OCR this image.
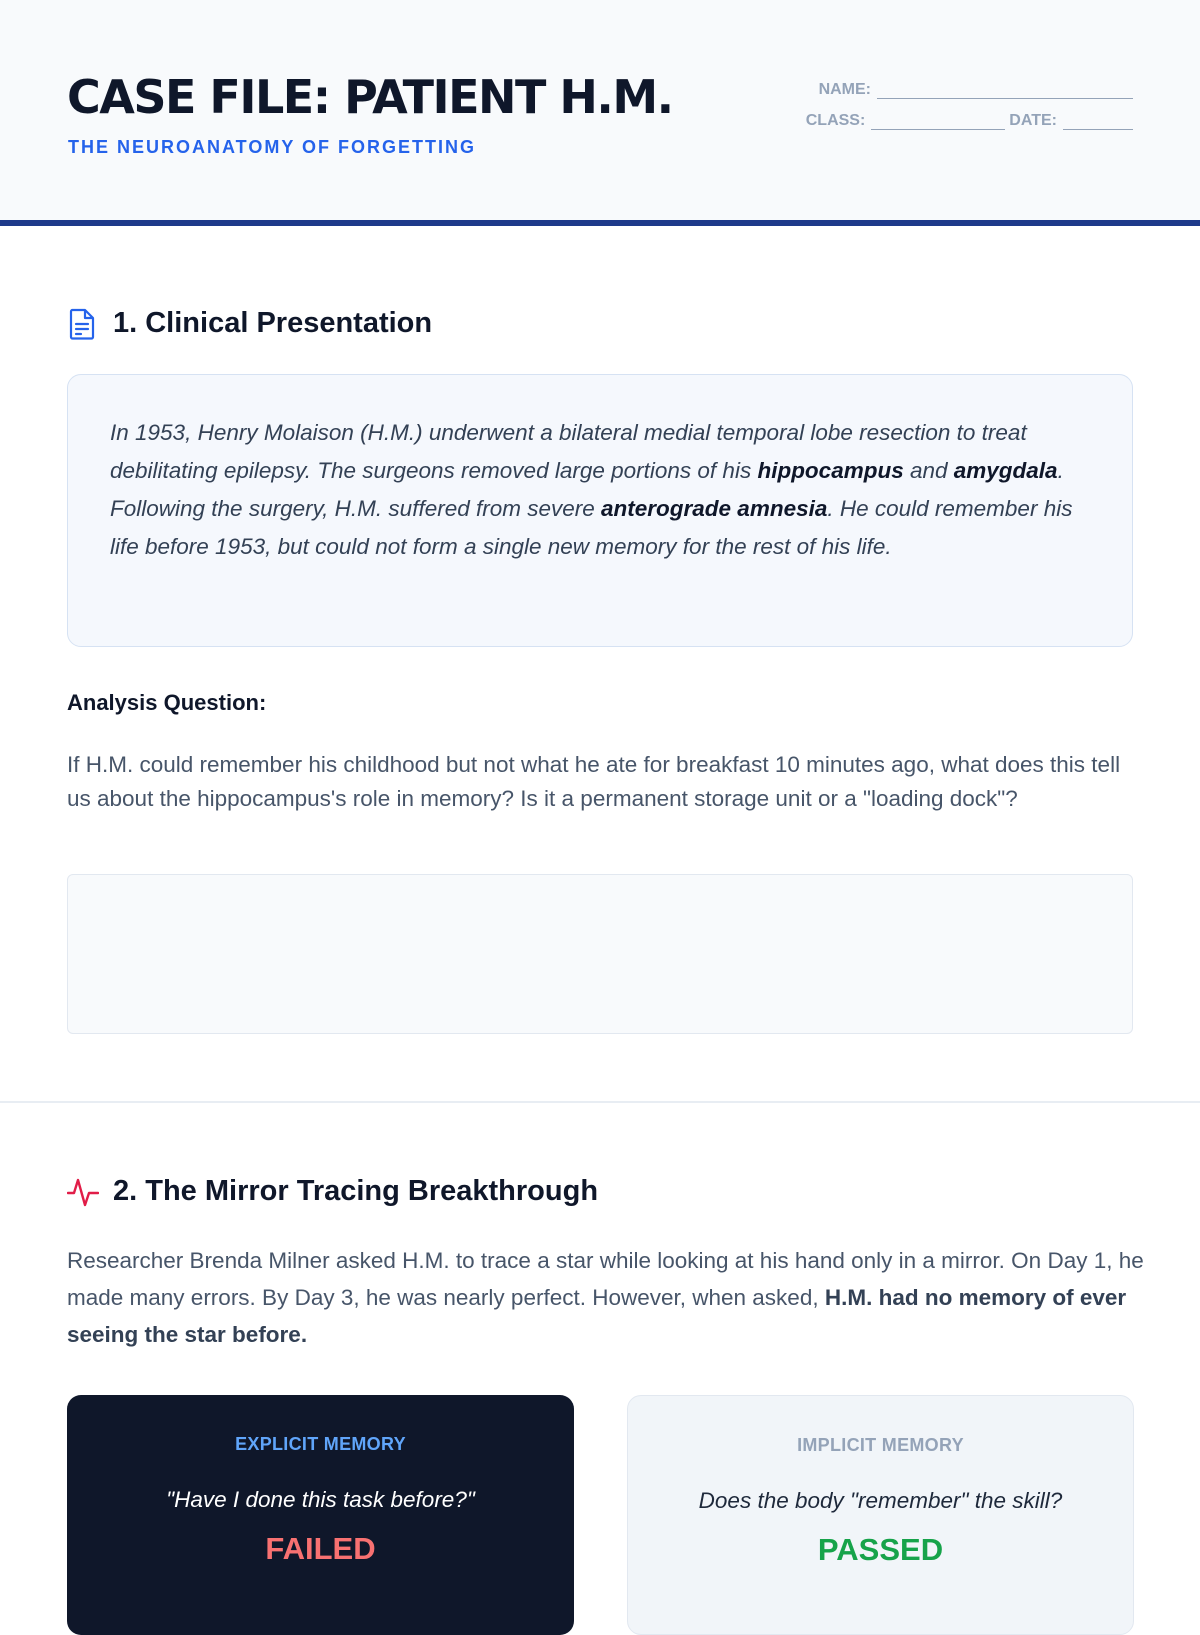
CASE FILE: PATIENT H.M.
THE NEUROANATOMY OF FORGETTING
NAME:
CLASS:	DATE:
1. Clinical Presentation
In 1953, Henry Molaison (H.M.) underwent a bilateral medial temporal lobe resection to treat debilitating epilepsy. The surgeons removed large portions of his hippocampus and amygdala. Following the surgery, H.M. suffered from severe anterograde amnesia. He could remember his life before 1953, but could not form a single new memory for the rest of his life.
Analysis Question:
If H.M. could remember his childhood but not what he ate for breakfast 10 minutes ago, what does this tell us about the hippocampus's role in memory? Is it a permanent storage unit or a "loading dock"?
2. The Mirror Tracing Breakthrough
Researcher Brenda Milner asked H.M. to trace a star while looking at his hand only in a mirror. On Day 1, he made many errors. By Day 3, he was nearly perfect. However, when asked, H.M. had no memory of ever seeing the star before.
EXPLICIT MEMORY
"Have I done this task before?"
FAILED
IMPLICIT MEMORY
Does the body "remember" the skill?
PASSED
